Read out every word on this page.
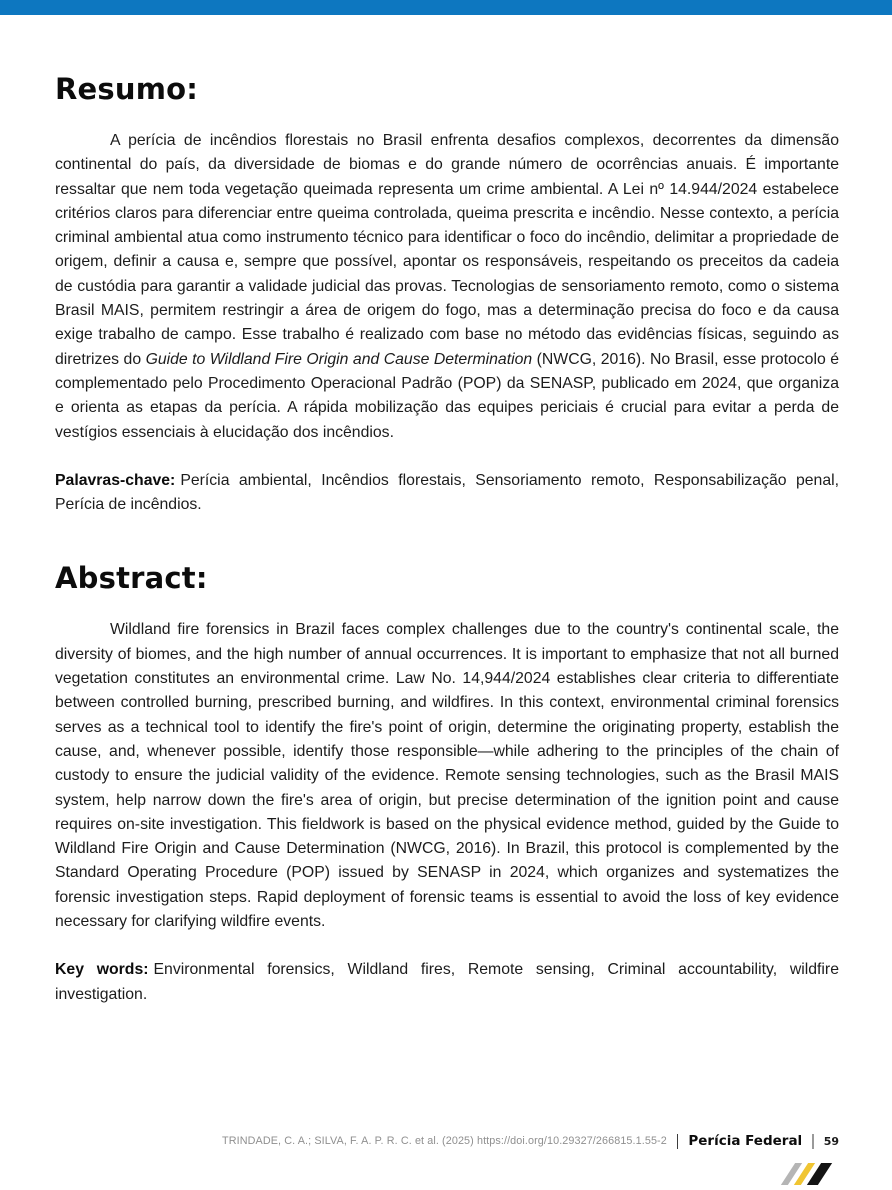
Resumo:

A perícia de incêndios florestais no Brasil enfrenta desafios complexos, decorrentes da dimensão continental do país, da diversidade de biomas e do grande número de ocorrências anuais. É importante ressaltar que nem toda vegetação queimada representa um crime ambiental. A Lei nº 14.944/2024 estabelece critérios claros para diferenciar entre queima controlada, queima prescrita e incêndio. Nesse contexto, a perícia criminal ambiental atua como instrumento técnico para identificar o foco do incêndio, delimitar a propriedade de origem, definir a causa e, sempre que possível, apontar os responsáveis, respeitando os preceitos da cadeia de custódia para garantir a validade judicial das provas. Tecnologias de sensoriamento remoto, como o sistema Brasil MAIS, permitem restringir a área de origem do fogo, mas a determinação precisa do foco e da causa exige trabalho de campo. Esse trabalho é realizado com base no método das evidências físicas, seguindo as diretrizes do Guide to Wildland Fire Origin and Cause Determination (NWCG, 2016). No Brasil, esse protocolo é complementado pelo Procedimento Operacional Padrão (POP) da SENASP, publicado em 2024, que organiza e orienta as etapas da perícia. A rápida mobilização das equipes periciais é crucial para evitar a perda de vestígios essenciais à elucidação dos incêndios.

Palavras-chave: Perícia ambiental, Incêndios florestais, Sensoriamento remoto, Responsabilização penal, Perícia de incêndios.

Abstract:

Wildland fire forensics in Brazil faces complex challenges due to the country's continental scale, the diversity of biomes, and the high number of annual occurrences. It is important to emphasize that not all burned vegetation constitutes an environmental crime. Law No. 14,944/2024 establishes clear criteria to differentiate between controlled burning, prescribed burning, and wildfires. In this context, environmental criminal forensics serves as a technical tool to identify the fire's point of origin, determine the originating property, establish the cause, and, whenever possible, identify those responsible—while adhering to the principles of the chain of custody to ensure the judicial validity of the evidence. Remote sensing technologies, such as the Brasil MAIS system, help narrow down the fire's area of origin, but precise determination of the ignition point and cause requires on-site investigation. This fieldwork is based on the physical evidence method, guided by the Guide to Wildland Fire Origin and Cause Determination (NWCG, 2016). In Brazil, this protocol is complemented by the Standard Operating Procedure (POP) issued by SENASP in 2024, which organizes and systematizes the forensic investigation steps. Rapid deployment of forensic teams is essential to avoid the loss of key evidence necessary for clarifying wildfire events.

Key words: Environmental forensics, Wildland fires, Remote sensing, Criminal accountability, wildfire investigation.

TRINDADE, C. A.; SILVA, F. A. P. R. C. et al. (2025) https://doi.org/10.29327/266815.1.55-2 Perícia Federal 59
